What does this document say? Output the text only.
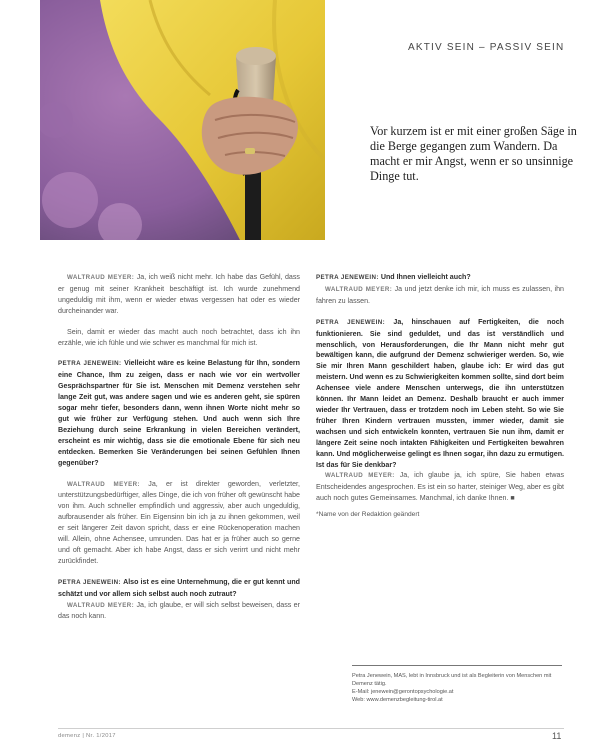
AKTIV SEIN – PASSIV SEIN
Vor kurzem ist er mit einer großen Säge in die Berge gegangen zum Wandern. Da macht er mir Angst, wenn er so unsinnige Dinge tut.

WALTRAUD MEYER: Ja, ich weiß nicht mehr. Ich habe das Gefühl, dass er genug mit seiner Krankheit beschäftigt ist. Ich wurde zunehmend ungeduldig mit ihm, wenn er wieder etwas vergessen hat oder es wieder durcheinander war.

Sein, damit er wieder das macht auch noch betrachtet, dass ich ihn erzähle, wie ich fühle und wie schwer es manchmal für mich ist.

PETRA JENEWEIN: Vielleicht wäre es keine Belastung für Ihn, sondern eine Chance, Ihm zu zeigen, dass er nach wie vor ein wertvoller Gesprächspartner für Sie ist. Menschen mit Demenz verstehen sehr lange Zeit gut, was andere sagen und wie es anderen geht, sie spüren sogar mehr tiefer, besonders dann, wenn ihnen Worte nicht mehr so gut wie früher zur Verfügung stehen. Und auch wenn sich Ihre Beziehung durch seine Erkrankung in vielen Bereichen verändert, erscheint es mir wichtig, dass sie die emotionale Ebene für sich neu entdecken. Bemerken Sie Veränderungen bei seinen Gefühlen Ihnen gegenüber?

WALTRAUD MEYER: Ja, er ist direkter geworden, verletzter, unterstützungsbedürftiger, alles Dinge, die ich von früher oft gewünscht habe von ihm. Auch schneller empfindlich und aggressiv, aber auch ungeduldig, aufbrausender als früher. Ein Eigensinn bin ich ja zu ihnen gekommen, weil er seit längerer Zeit davon spricht, dass er eine Rückenoperation machen will. Allein, ohne Achensee, umrunden. Das hat er ja früher auch so gerne und oft gemacht. Aber ich habe Angst, dass er sich verirrt und nicht mehr zurückfindet.

PETRA JENEWEIN: Also ist es eine Unternehmung, die er gut kennt und schätzt und vor allem sich selbst auch noch zutraut?

WALTRAUD MEYER: Ja, ich glaube, er will sich selbst beweisen, dass er das noch kann.

PETRA JENEWEIN: Und Ihnen vielleicht auch?

WALTRAUD MEYER: Ja und jetzt denke ich mir, ich muss es zulassen, ihn fahren zu lassen.

PETRA JENEWEIN: Ja, hinschauen auf Fertigkeiten, die noch funktionieren. Sie sind geduldet, und das ist verständlich und menschlich, von Herausforderungen, die Ihr Mann nicht mehr gut bewältigen kann, die aufgrund der Demenz schwieriger werden. So, wie Sie mir Ihren Mann geschildert haben, glaube ich: Er wird das gut meistern. Und wenn es zu Schwierigkeiten kommen sollte, sind dort beim Achensee viele andere Menschen unterwegs, die ihn unterstützen können. Ihr Mann leidet an Demenz. Deshalb braucht er auch immer wieder Ihr Vertrauen, dass er trotzdem noch im Leben steht. So wie Sie früher Ihren Kindern vertrauen mussten, immer wieder, damit sie wachsen und sich entwickeln konnten, vertrauen Sie nun ihm, damit er längere Zeit seine noch intakten Fähigkeiten und Fertigkeiten bewahren kann. Und möglicherweise gelingt es Ihnen sogar, ihn dazu zu ermutigen. Ist das für Sie denkbar?

WALTRAUD MEYER: Ja, ich glaube ja, ich spüre, Sie haben etwas Entscheidendes angesprochen. Es ist ein so harter, steiniger Weg, aber es gibt auch noch gutes Gemeinsames. Manchmal, ich danke Ihnen. ■

*Name von der Redaktion geändert

Petra Jenewein, MAS, lebt in Innsbruck und ist als Begleiterin von Menschen mit Demenz tätig.
E-Mail: jenewein@gerontopsychologie.at
Web: www.demenzbegleitung-tirol.at
demenz | Nr. 1/2017	11
